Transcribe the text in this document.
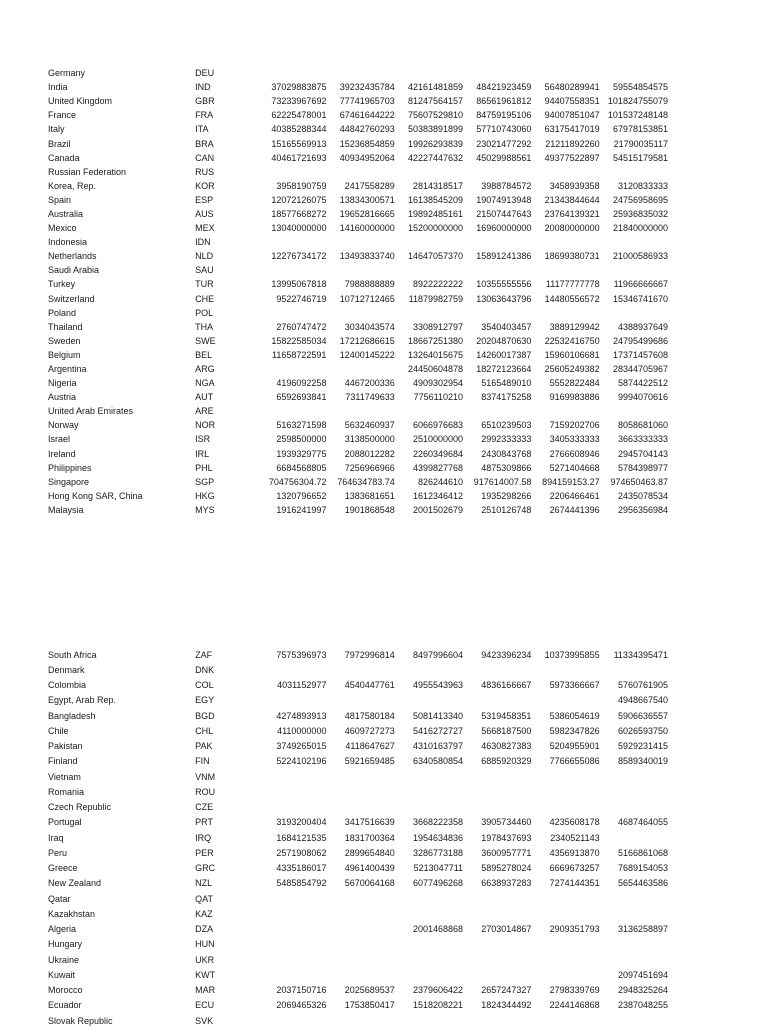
Germany	DEU						
India	IND	37029883875	39232435784	42161481859	48421923459	56480289941	59554854575
United Kingdom	GBR	73233967692	77741965703	81247564157	86561961812	94407558351	101824755079
France	FRA	62225478001	67461644222	75607529810	84759195106	94007851047	101537248148
Italy	ITA	40385288344	44842760293	50383891899	57710743060	63175417019	67978153851
Brazil	BRA	15165569913	15236854859	19926293839	23021477292	21211892260	21790035117
Canada	CAN	40461721693	40934952064	42227447632	45029988561	49377522897	54515179581
Russian Federation	RUS						
Korea, Rep.	KOR	3958190759	2417558289	2814318517	3988784572	3458939358	3120833333
Spain	ESP	12072126075	13834300571	16138545209	19074913948	21343844644	24756958695
Australia	AUS	18577668272	19652816665	19892485161	21507447643	23764139321	25936835032
Mexico	MEX	13040000000	14160000000	15200000000	16960000000	20080000000	21840000000
Indonesia	IDN						
Netherlands	NLD	12276734172	13493833740	14647057370	15891241386	18699380731	21000586933
Saudi Arabia	SAU						
Turkey	TUR	13995067818	7988888889	8922222222	10355555556	11177777778	11966666667
Switzerland	CHE	9522746719	10712712465	11879982759	13063643796	14480556572	15346741670
Poland	POL						
Thailand	THA	2760747472	3034043574	3308912797	3540403457	3889129942	4388937649
Sweden	SWE	15822585034	17212686615	18667251380	20204870630	22532416750	24795499686
Belgium	BEL	11658722591	12400145222	13264015675	14260017387	15960106681	17371457608
Argentina	ARG			24450604878	18272123664	25605249382	28344705967
Nigeria	NGA	4196092258	4467200336	4909302954	5165489010	5552822484	5874422512
Austria	AUT	6592693841	7311749633	7756110210	8374175258	9169983886	9994070616
United Arab Emirates	ARE						
Norway	NOR	5163271598	5632460937	6066976683	6510239503	7159202706	8058681060
Israel	ISR	2598500000	3138500000	2510000000	2992333333	3405333333	3663333333
Ireland	IRL	1939329775	2088012282	2260349684	2430843768	2766608946	2945704143
Philippines	PHL	6684568805	7256966966	4399827768	4875309866	5271404668	5784398977
Singapore	SGP	704756304.72	764634783.74	826244610	917614007.58	894159153.27	974650463.87
Hong Kong SAR, China	HKG	1320796652	1383681651	1612346412	1935298266	2206466461	2435078534
Malaysia	MYS	1916241997	1901868548	2001502679	2510126748	2674441396	2956356984
South Africa	ZAF	7575396973	7972996814	8497996604	9423396234	10373995855	11334395471
Denmark	DNK						
Colombia	COL	4031152977	4540447761	4955543963	4836166667	5973366667	5760761905
Egypt, Arab Rep.	EGY						4948667540
Bangladesh	BGD	4274893913	4817580184	5081413340	5319458351	5386054619	5906636557
Chile	CHL	4110000000	4609727273	5416272727	5668187500	5982347826	6026593750
Pakistan	PAK	3749265015	4118647627	4310163797	4630827383	5204955901	5929231415
Finland	FIN	5224102196	5921659485	6340580854	6885920329	7766655086	8589340019
Vietnam	VNM						
Romania	ROU						
Czech Republic	CZE						
Portugal	PRT	3193200404	3417516639	3668222358	3905734460	4235608178	4687464055
Iraq	IRQ	1684121535	1831700364	1954634836	1978437693	2340521143	
Peru	PER	2571908062	2899654840	3286773188	3600957771	4356913870	5166861068
Greece	GRC	4335186017	4961400439	5213047711	5895278024	6669673257	7689154053
New Zealand	NZL	5485854792	5670064168	6077496268	6638937283	7274144351	5654463586
Qatar	QAT						
Kazakhstan	KAZ						
Algeria	DZA			2001468868	2703014867	2909351793	3136258897
Hungary	HUN						
Ukraine	UKR						
Kuwait	KWT						2097451694
Morocco	MAR	2037150716	2025689537	2379606422	2657247327	2798339769	2948325264
Ecuador	ECU	2069465326	1753850417	1518208221	1824344492	2244146868	2387048255
Slovak Republic	SVK						
